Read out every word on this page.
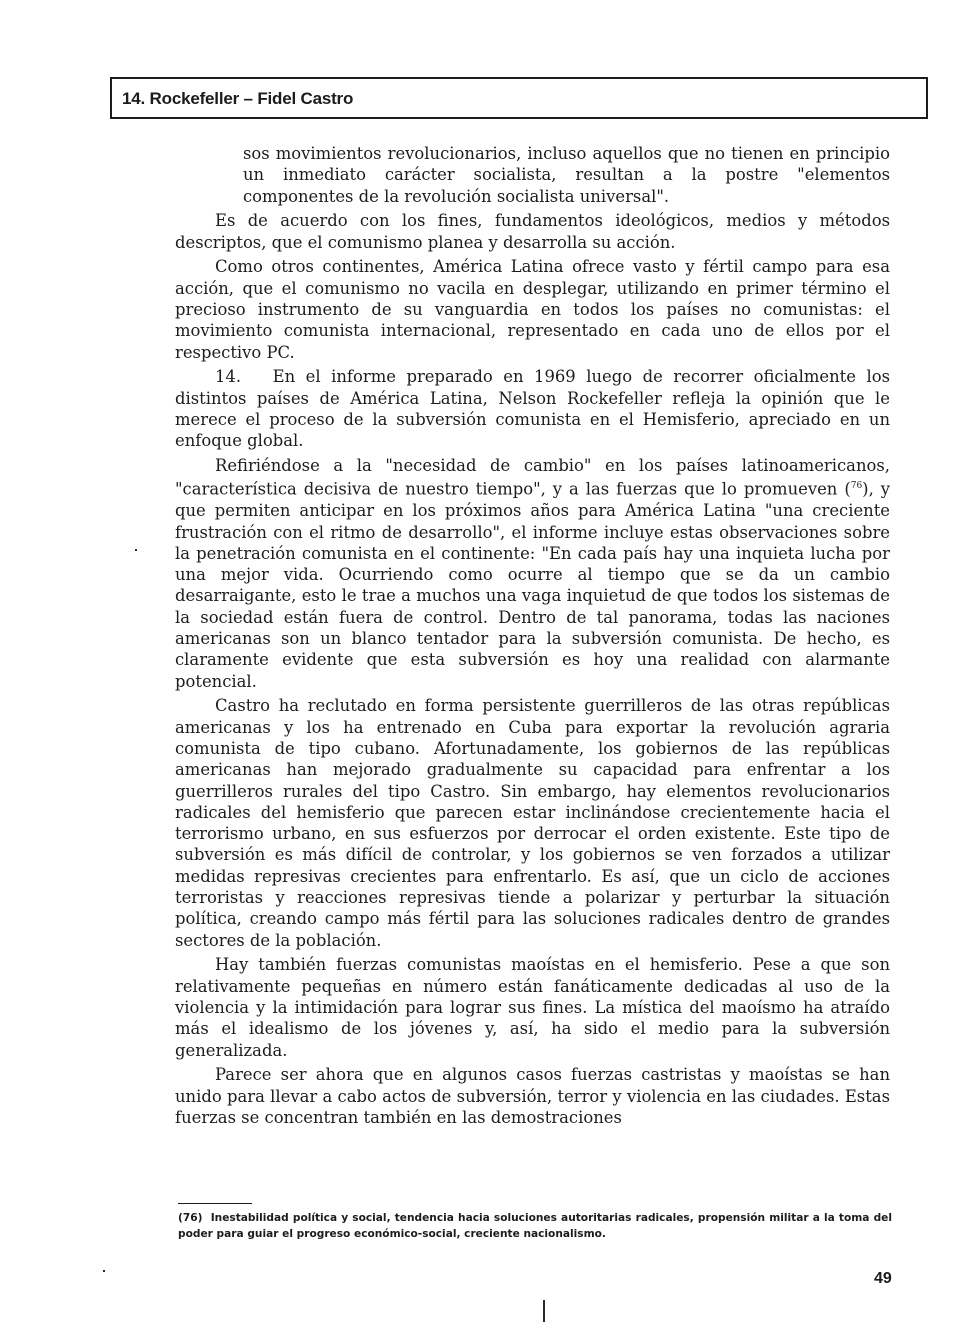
14. Rockefeller – Fidel Castro

sos movimientos revolucionarios, incluso aquellos que no tienen en principio un inmediato carácter socialista, resultan a la postre "elementos componentes de la revolución socialista universal".

Es de acuerdo con los fines, fundamentos ideológicos, medios y métodos descriptos, que el comunismo planea y desarrolla su acción.

Como otros continentes, América Latina ofrece vasto y fértil campo para esa acción, que el comunismo no vacila en desplegar, utilizando en primer término el precioso instrumento de su vanguardia en todos los países no comunistas: el movimiento comunista internacional, representado en cada uno de ellos por el respectivo PC.

14. En el informe preparado en 1969 luego de recorrer oficialmente los distintos países de América Latina, Nelson Rockefeller refleja la opinión que le merece el proceso de la subversión comunista en el Hemisferio, apreciado en un enfoque global.

Refiriéndose a la "necesidad de cambio" en los países latinoamericanos, "característica decisiva de nuestro tiempo", y a las fuerzas que lo promueven ($^{76}$), y que permiten anticipar en los próximos años para América Latina "una creciente frustración con el ritmo de desarrollo", el informe incluye estas observaciones sobre la penetración comunista en el continente: "En cada país hay una inquieta lucha por una mejor vida. Ocurriendo como ocurre al tiempo que se da un cambio desarraigante, esto le trae a muchos una vaga inquietud de que todos los sistemas de la sociedad están fuera de control. Dentro de tal panorama, todas las naciones americanas son un blanco tentador para la subversión comunista. De hecho, es claramente evidente que esta subversión es hoy una realidad con alarmante potencial.

Castro ha reclutado en forma persistente guerrilleros de las otras repúblicas americanas y los ha entrenado en Cuba para exportar la revolución agraria comunista de tipo cubano. Afortunadamente, los gobiernos de las repúblicas americanas han mejorado gradualmente su capacidad para enfrentar a los guerrilleros rurales del tipo Castro. Sin embargo, hay elementos revolucionarios radicales del hemisferio que parecen estar inclinándose crecientemente hacia el terrorismo urbano, en sus esfuerzos por derrocar el orden existente. Este tipo de subversión es más difícil de controlar, y los gobiernos se ven forzados a utilizar medidas represivas crecientes para enfrentarlo. Es así, que un ciclo de acciones terroristas y reacciones represivas tiende a polarizar y perturbar la situación política, creando campo más fértil para las soluciones radicales dentro de grandes sectores de la población.

Hay también fuerzas comunistas maoístas en el hemisferio. Pese a que son relativamente pequeñas en número están fanáticamente dedicadas al uso de la violencia y la intimidación para lograr sus fines. La mística del maoísmo ha atraído más el idealismo de los jóvenes y, así, ha sido el medio para la subversión generalizada.

Parece ser ahora que en algunos casos fuerzas castristas y maoístas se han unido para llevar a cabo actos de subversión, terror y violencia en las ciudades. Estas fuerzas se concentran también en las demostraciones

(76) Inestabilidad política y social, tendencia hacia soluciones autoritarias radicales, propensión militar a la toma del poder para guiar el progreso económico-social, creciente nacionalismo.
49
